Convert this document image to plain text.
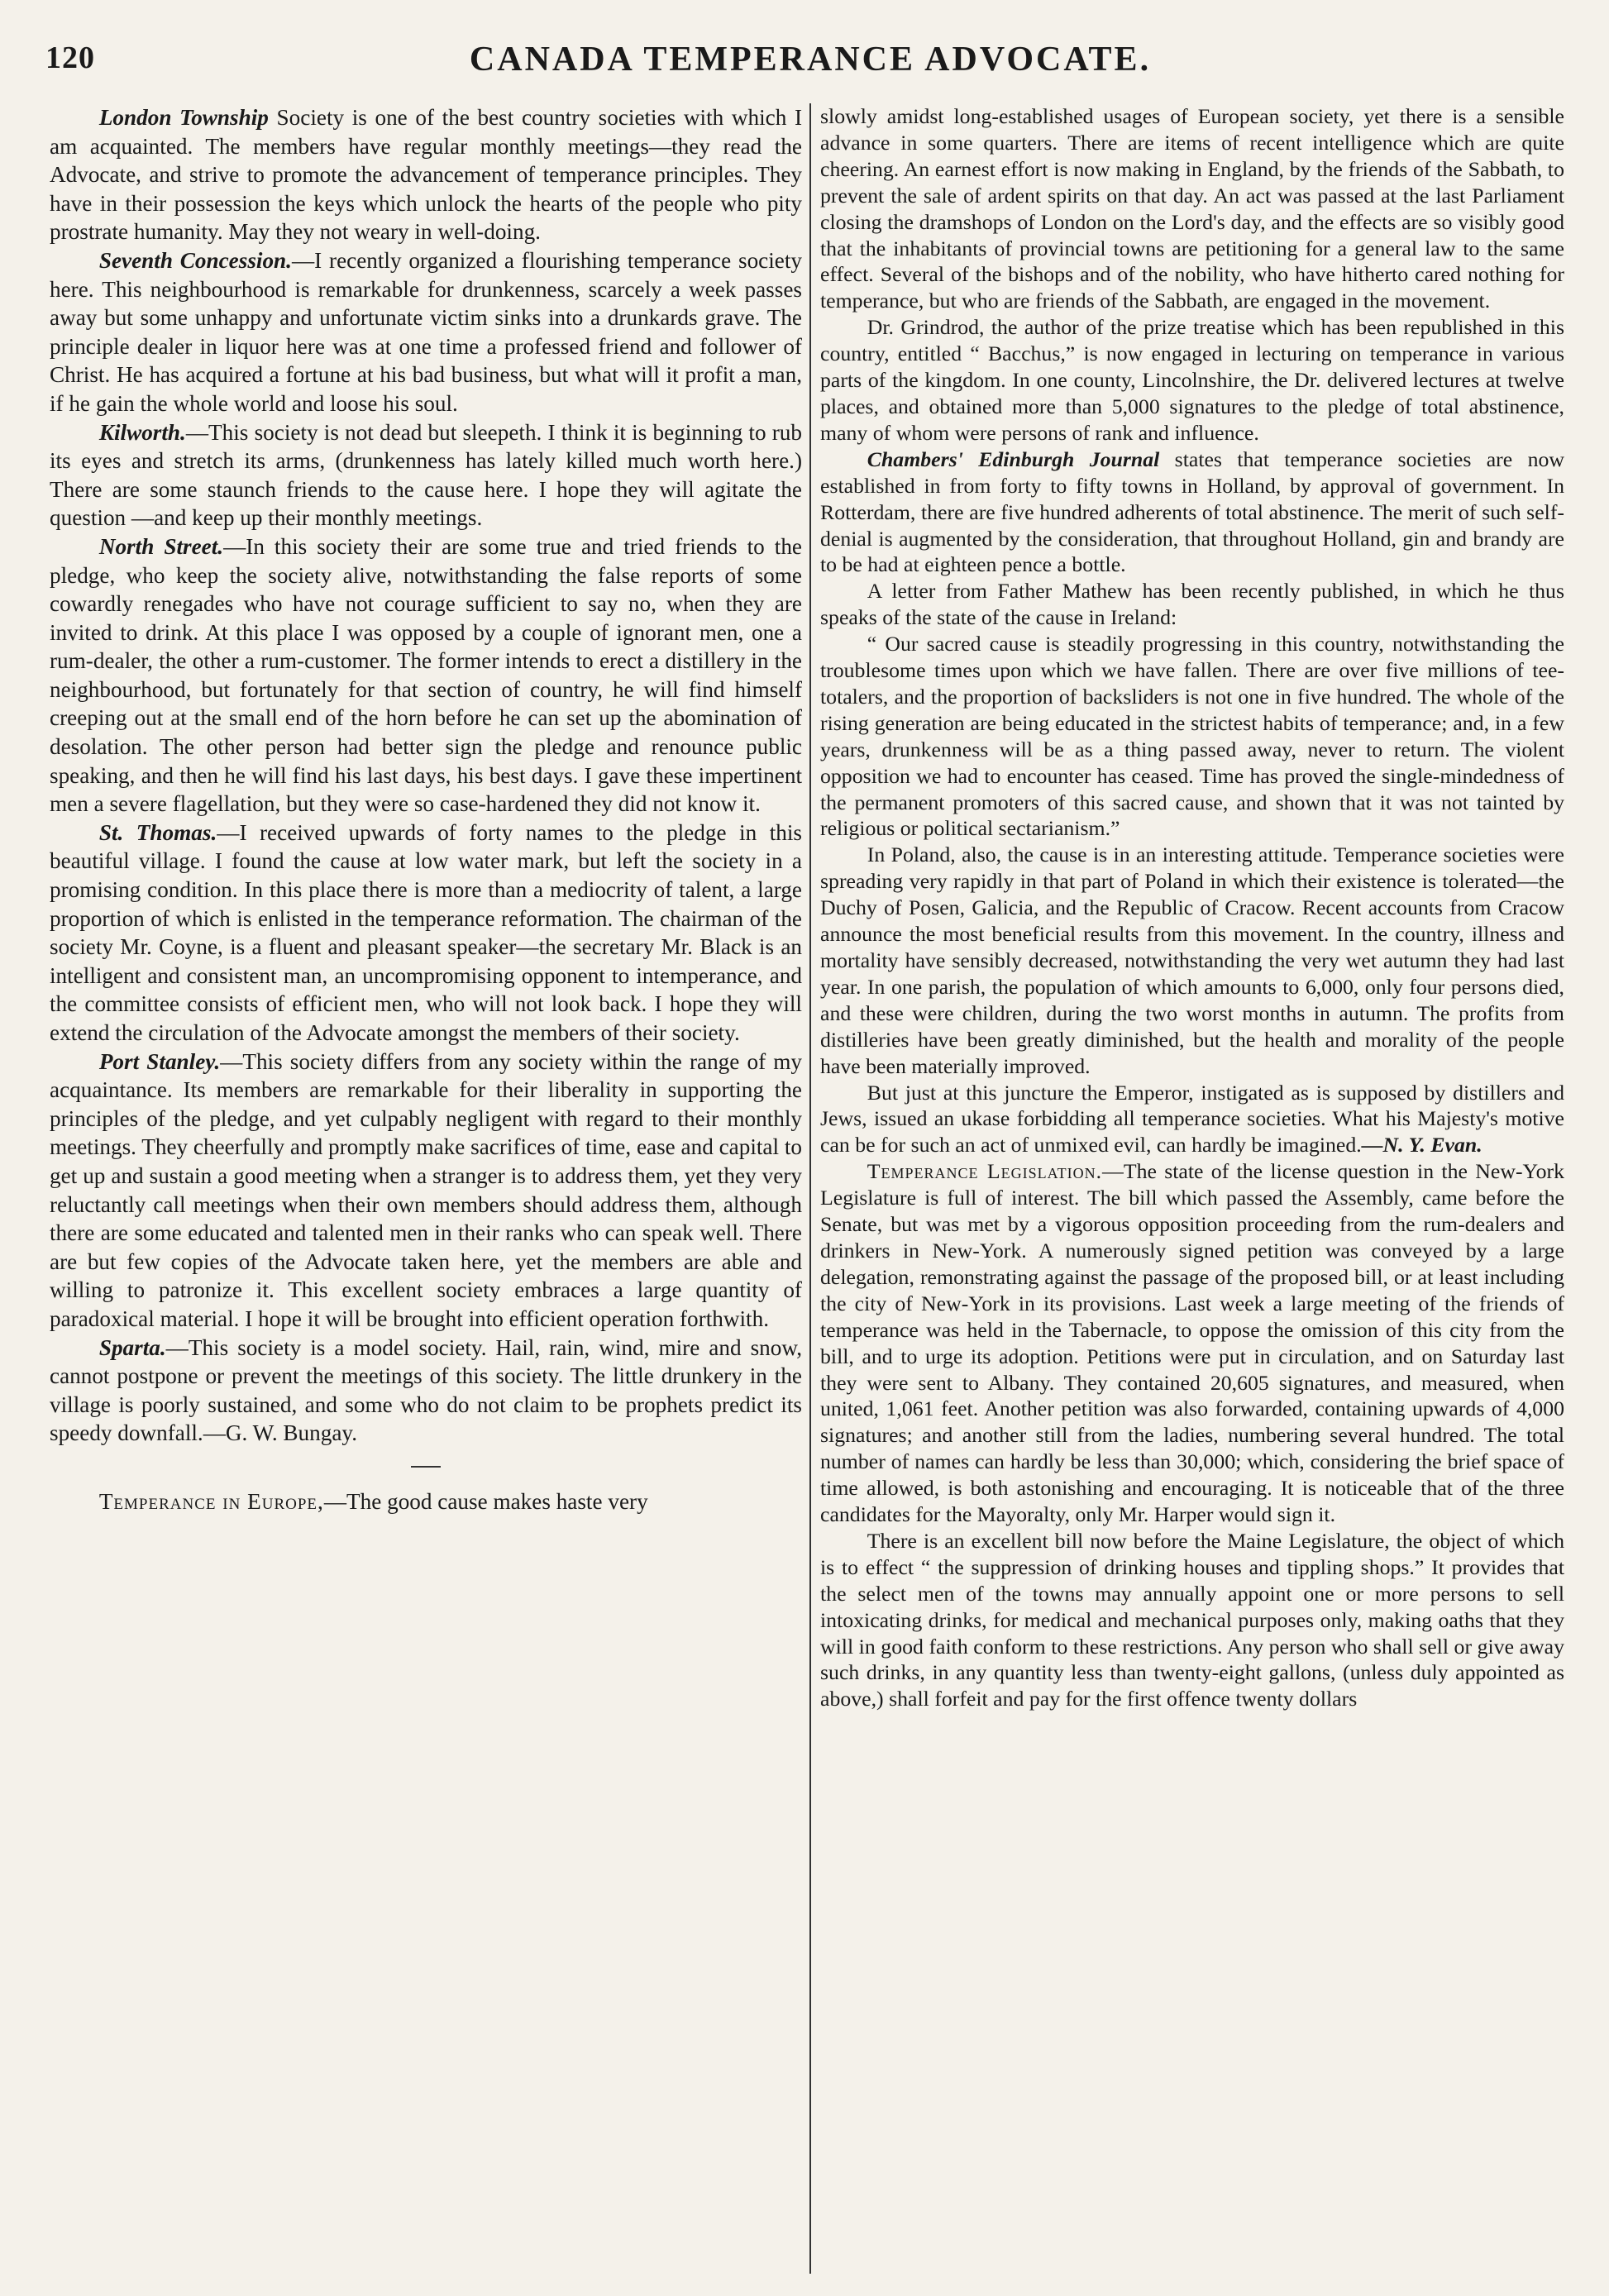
120	CANADA TEMPERANCE ADVOCATE.

London Township Society is one of the best country societies with which I am acquainted. The members have regular monthly meetings—they read the Advocate, and strive to promote the advancement of temperance principles. They have in their possession the keys which unlock the hearts of the people who pity prostrate humanity. May they not weary in well-doing.

Seventh Concession.—I recently organized a flourishing temperance society here. This neighbourhood is remarkable for drunkenness, scarcely a week passes away but some unhappy and unfortunate victim sinks into a drunkards grave. The principle dealer in liquor here was at one time a professed friend and follower of Christ. He has acquired a fortune at his bad business, but what will it profit a man, if he gain the whole world and loose his soul.

Kilworth.—This society is not dead but sleepeth. I think it is beginning to rub its eyes and stretch its arms, (drunkenness has lately killed much worth here.) There are some staunch friends to the cause here. I hope they will agitate the question —and keep up their monthly meetings.

North Street.—In this society their are some true and tried friends to the pledge, who keep the society alive, notwithstanding the false reports of some cowardly renegades who have not courage sufficient to say no, when they are invited to drink. At this place I was opposed by a couple of ignorant men, one a rum-dealer, the other a rum-customer. The former intends to erect a distillery in the neighbourhood, but fortunately for that section of country, he will find himself creeping out at the small end of the horn before he can set up the abomination of desolation. The other person had better sign the pledge and renounce public speaking, and then he will find his last days, his best days. I gave these impertinent men a severe flagellation, but they were so case-hardened they did not know it.

St. Thomas.—I received upwards of forty names to the pledge in this beautiful village. I found the cause at low water mark, but left the society in a promising condition. In this place there is more than a mediocrity of talent, a large proportion of which is enlisted in the temperance reformation. The chairman of the society Mr. Coyne, is a fluent and pleasant speaker—the secretary Mr. Black is an intelligent and consistent man, an uncompromising opponent to intemperance, and the committee consists of efficient men, who will not look back. I hope they will extend the circulation of the Advocate amongst the members of their society.

Port Stanley.—This society differs from any society within the range of my acquaintance. Its members are remarkable for their liberality in supporting the principles of the pledge, and yet culpably negligent with regard to their monthly meetings. They cheerfully and promptly make sacrifices of time, ease and capital to get up and sustain a good meeting when a stranger is to address them, yet they very reluctantly call meetings when their own members should address them, although there are some educated and talented men in their ranks who can speak well. There are but few copies of the Advocate taken here, yet the members are able and willing to patronize it. This excellent society embraces a large quantity of paradoxical material. I hope it will be brought into efficient operation forthwith.

Sparta.—This society is a model society. Hail, rain, wind, mire and snow, cannot postpone or prevent the meetings of this society. The little drunkery in the village is poorly sustained, and some who do not claim to be prophets predict its speedy downfall.—G. W. Bungay.

Temperance in Europe,—The good cause makes haste very

slowly amidst long-established usages of European society, yet there is a sensible advance in some quarters. There are items of recent intelligence which are quite cheering. An earnest effort is now making in England, by the friends of the Sabbath, to prevent the sale of ardent spirits on that day. An act was passed at the last Parliament closing the dramshops of London on the Lord's day, and the effects are so visibly good that the inhabitants of provincial towns are petitioning for a general law to the same effect. Several of the bishops and of the nobility, who have hitherto cared nothing for temperance, but who are friends of the Sabbath, are engaged in the movement.

Dr. Grindrod, the author of the prize treatise which has been republished in this country, entitled “ Bacchus,” is now engaged in lecturing on temperance in various parts of the kingdom. In one county, Lincolnshire, the Dr. delivered lectures at twelve places, and obtained more than 5,000 signatures to the pledge of total abstinence, many of whom were persons of rank and influence.

Chambers' Edinburgh Journal states that temperance societies are now established in from forty to fifty towns in Holland, by approval of government. In Rotterdam, there are five hundred adherents of total abstinence. The merit of such self-denial is augmented by the consideration, that throughout Holland, gin and brandy are to be had at eighteen pence a bottle.

A letter from Father Mathew has been recently published, in which he thus speaks of the state of the cause in Ireland:

“ Our sacred cause is steadily progressing in this country, notwithstanding the troublesome times upon which we have fallen. There are over five millions of tee-totalers, and the proportion of backsliders is not one in five hundred. The whole of the rising generation are being educated in the strictest habits of temperance; and, in a few years, drunkenness will be as a thing passed away, never to return. The violent opposition we had to encounter has ceased. Time has proved the single-mindedness of the permanent promoters of this sacred cause, and shown that it was not tainted by religious or political sectarianism.”

In Poland, also, the cause is in an interesting attitude. Temperance societies were spreading very rapidly in that part of Poland in which their existence is tolerated—the Duchy of Posen, Galicia, and the Republic of Cracow. Recent accounts from Cracow announce the most beneficial results from this movement. In the country, illness and mortality have sensibly decreased, notwithstanding the very wet autumn they had last year. In one parish, the population of which amounts to 6,000, only four persons died, and these were children, during the two worst months in autumn. The profits from distilleries have been greatly diminished, but the health and morality of the people have been materially improved.

But just at this juncture the Emperor, instigated as is supposed by distillers and Jews, issued an ukase forbidding all temperance societies. What his Majesty's motive can be for such an act of unmixed evil, can hardly be imagined.—N. Y. Evan.

Temperance Legislation.—The state of the license question in the New-York Legislature is full of interest. The bill which passed the Assembly, came before the Senate, but was met by a vigorous opposition proceeding from the rum-dealers and drinkers in New-York. A numerously signed petition was conveyed by a large delegation, remonstrating against the passage of the proposed bill, or at least including the city of New-York in its provisions. Last week a large meeting of the friends of temperance was held in the Tabernacle, to oppose the omission of this city from the bill, and to urge its adoption. Petitions were put in circulation, and on Saturday last they were sent to Albany. They contained 20,605 signatures, and measured, when united, 1,061 feet. Another petition was also forwarded, containing upwards of 4,000 signatures; and another still from the ladies, numbering several hundred. The total number of names can hardly be less than 30,000; which, considering the brief space of time allowed, is both astonishing and encouraging. It is noticeable that of the three candidates for the Mayoralty, only Mr. Harper would sign it.

There is an excellent bill now before the Maine Legislature, the object of which is to effect “ the suppression of drinking houses and tippling shops.” It provides that the select men of the towns may annually appoint one or more persons to sell intoxicating drinks, for medical and mechanical purposes only, making oaths that they will in good faith conform to these restrictions. Any person who shall sell or give away such drinks, in any quantity less than twenty-eight gallons, (unless duly appointed as above,) shall forfeit and pay for the first offence twenty dollars
